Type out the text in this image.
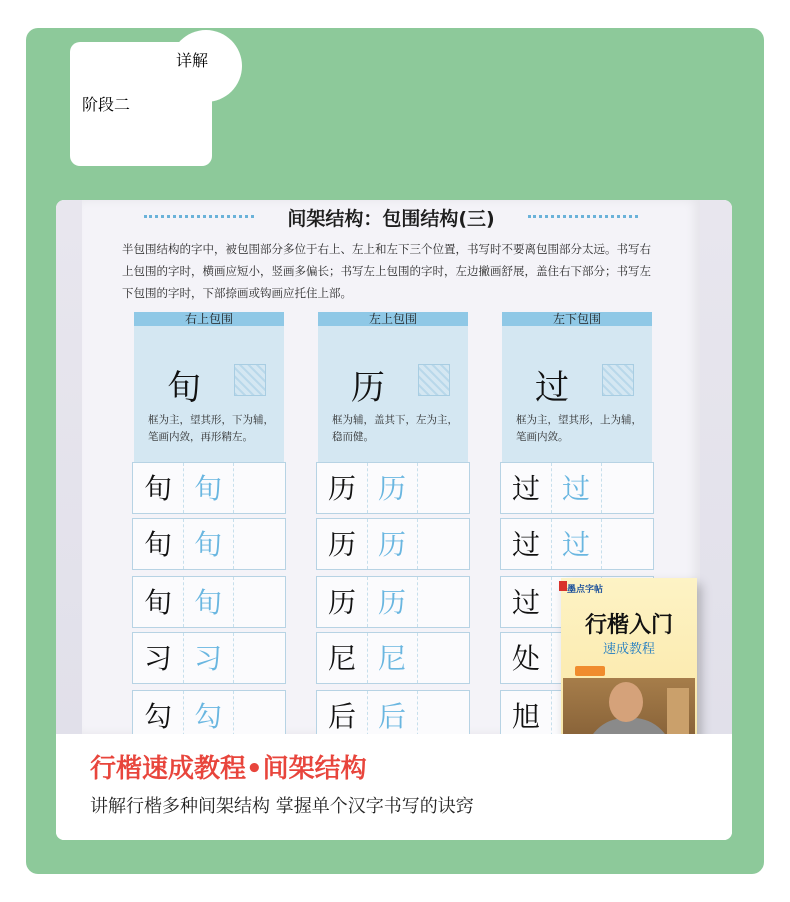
详解
阶段二
间架结构：包围结构(三)
半包围结构的字中，被包围部分多位于右上、左上和左下三个位置，书写时不要离包围部分太远。书写右上包围的字时，横画应短小，竖画多偏长；书写左上包围的字时，左边撇画舒展，盖住右下部分；书写左下包围的字时，下部捺画或钩画应托住上部。
右上包围
旬
框为主，望其形，下为辅，笔画内敛，再形精左。
左上包围
历
框为辅，盖其下，左为主，稳而健。
左下包围
过
框为主，望其形，上为辅，笔画内敛。
旬 旬
旬 旬
旬 旬
习 习
勾 勾
历 历
历 历
历 历
尼 尼
后 后
过 过
过 过
过
处
旭
墨点字帖
行楷入门
速成教程
行楷速成教程•间架结构
讲解行楷多种间架结构 掌握单个汉字书写的诀窍
